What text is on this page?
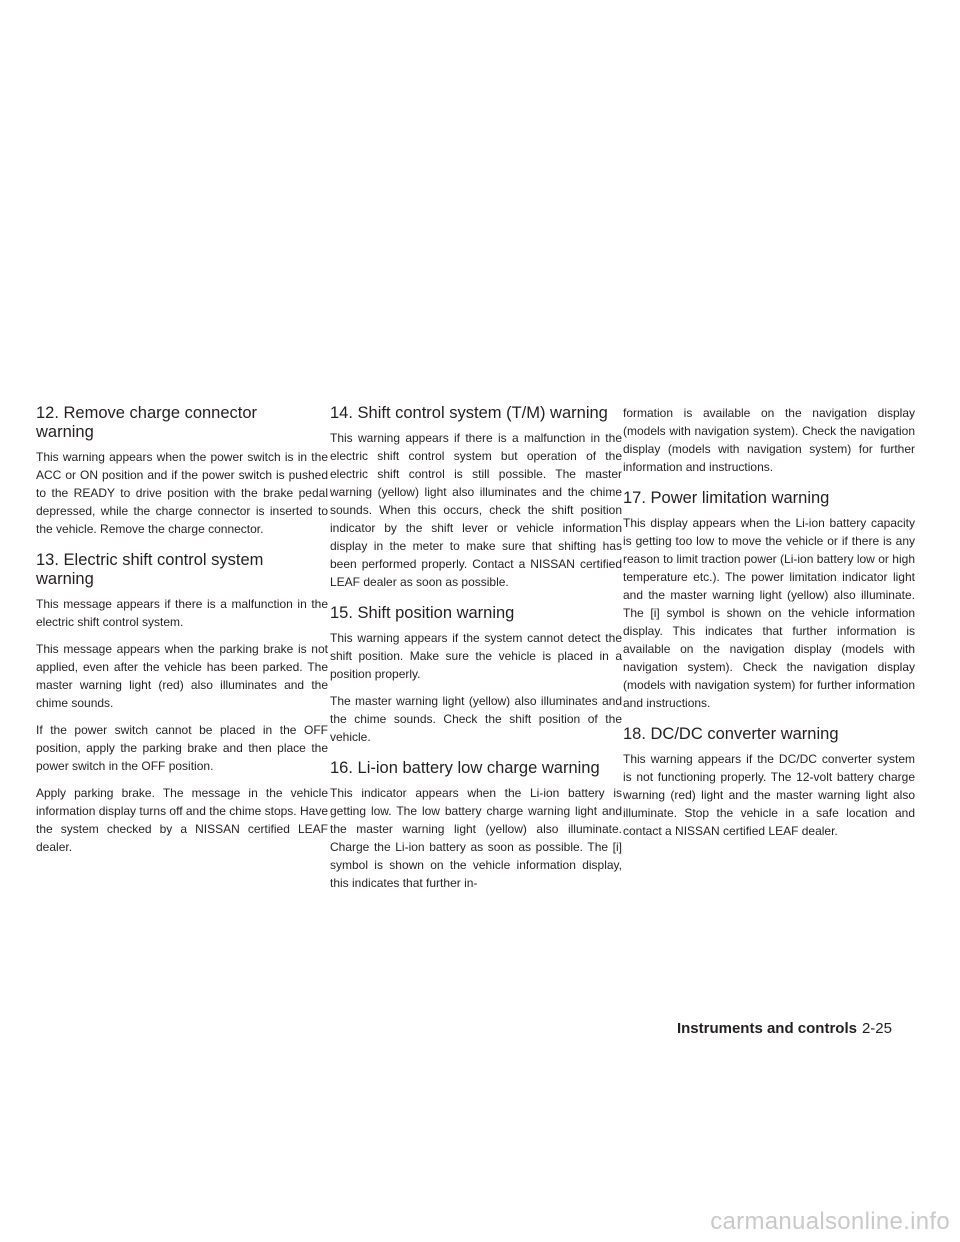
12. Remove charge connector
warning

This warning appears when the power switch is in the ACC or ON position and if the power switch is pushed to the READY to drive position with the brake pedal depressed, while the charge connector is inserted to the vehicle. Remove the charge connector.

13. Electric shift control system
warning

This message appears if there is a malfunction in the electric shift control system.

This message appears when the parking brake is not applied, even after the vehicle has been parked. The master warning light (red) also illuminates and the chime sounds.

If the power switch cannot be placed in the OFF position, apply the parking brake and then place the power switch in the OFF position.

Apply parking brake. The message in the vehicle information display turns off and the chime stops. Have the system checked by a NISSAN certified LEAF dealer.

14. Shift control system (T/M) warning

This warning appears if there is a malfunction in the electric shift control system but operation of the electric shift control is still possible. The master warning (yellow) light also illuminates and the chime sounds. When this occurs, check the shift position indicator by the shift lever or vehicle information display in the meter to make sure that shifting has been performed properly. Contact a NISSAN certified LEAF dealer as soon as possible.

15. Shift position warning

This warning appears if the system cannot detect the shift position. Make sure the vehicle is placed in a position properly.

The master warning light (yellow) also illuminates and the chime sounds. Check the shift position of the vehicle.

16. Li-ion battery low charge warning

This indicator appears when the Li-ion battery is getting low. The low battery charge warning light and the master warning light (yellow) also illuminate. Charge the Li-ion battery as soon as possible. The [i] symbol is shown on the vehicle information display, this indicates that further in-

formation is available on the navigation display (models with navigation system). Check the navigation display (models with navigation system) for further information and instructions.

17. Power limitation warning

This display appears when the Li-ion battery capacity is getting too low to move the vehicle or if there is any reason to limit traction power (Li-ion battery low or high temperature etc.). The power limitation indicator light and the master warning light (yellow) also illuminate. The [i] symbol is shown on the vehicle information display. This indicates that further information is available on the navigation display (models with navigation system). Check the navigation display (models with navigation system) for further information and instructions.

18. DC/DC converter warning

This warning appears if the DC/DC converter system is not functioning properly. The 12-volt battery charge warning (red) light and the master warning light also illuminate. Stop the vehicle in a safe location and contact a NISSAN certified LEAF dealer.

Instruments and controls 2-25
carmanualsonline.info
